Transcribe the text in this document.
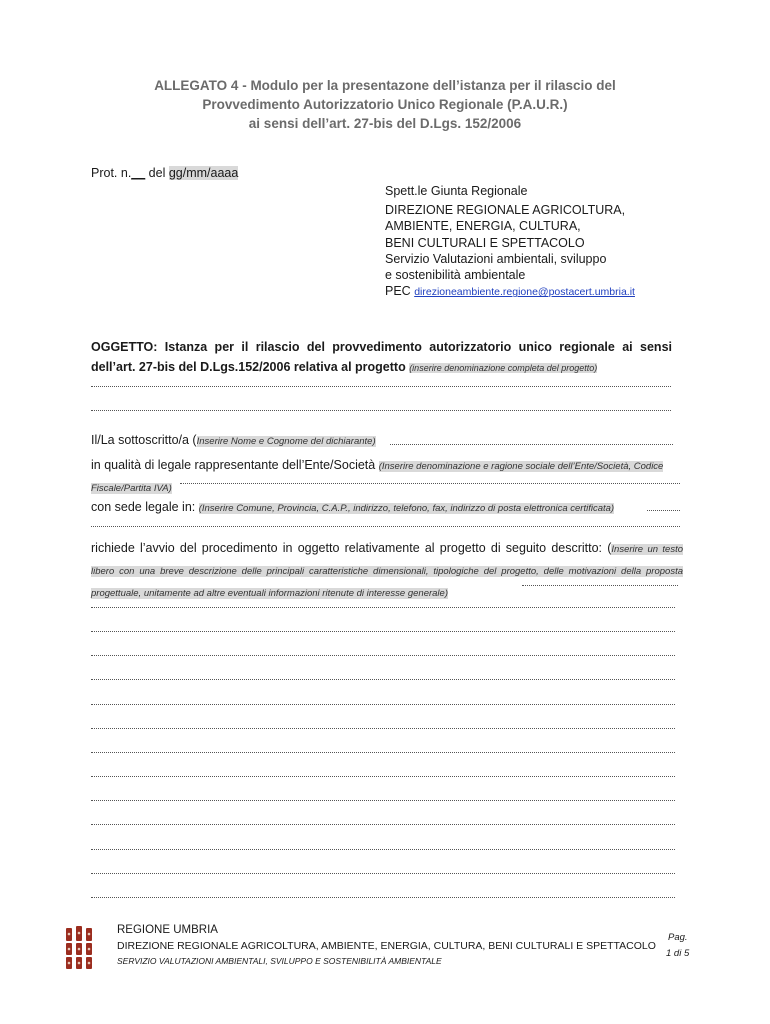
ALLEGATO 4 - Modulo per la presentazone dell’istanza per il rilascio del
Provvedimento Autorizzatorio Unico Regionale (P.A.U.R.)
ai sensi dell’art. 27-bis del D.Lgs. 152/2006
Prot. n.__ del gg/mm/aaaa
Spett.le Giunta Regionale
DIREZIONE REGIONALE AGRICOLTURA,
AMBIENTE, ENERGIA, CULTURA,
BENI CULTURALI E SPETTACOLO
Servizio Valutazioni ambientali, sviluppo
e sostenibilità ambientale
PEC direzioneambiente.regione@postacert.umbria.it
OGGETTO: Istanza per il rilascio del provvedimento autorizzatorio unico regionale ai sensi dell’art. 27-bis del D.Lgs.152/2006 relativa al progetto (inserire denominazione completa del progetto)
Il/La sottoscritto/a (Inserire Nome e Cognome del dichiarante)
in qualità di legale rappresentante dell’Ente/Società (Inserire denominazione e ragione sociale dell’Ente/Società, Codice Fiscale/Partita IVA)
con sede legale in: (Inserire Comune, Provincia, C.A.P., indirizzo, telefono, fax, indirizzo di posta elettronica certificata)
richiede l’avvio del procedimento in oggetto relativamente al progetto di seguito descritto: (Inserire un testo libero con una breve descrizione delle principali caratteristiche dimensionali, tipologiche del progetto, delle motivazioni della proposta progettuale, unitamente ad altre eventuali informazioni ritenute di interesse generale)
REGIONE UMBRIA
DIREZIONE REGIONALE AGRICOLTURA, AMBIENTE, ENERGIA, CULTURA, BENI CULTURALI E SPETTACOLO
SERVIZIO VALUTAZIONI AMBIENTALI, SVILUPPO E SOSTENIBILITÀ AMBIENTALE
Pag.
1 di 5
